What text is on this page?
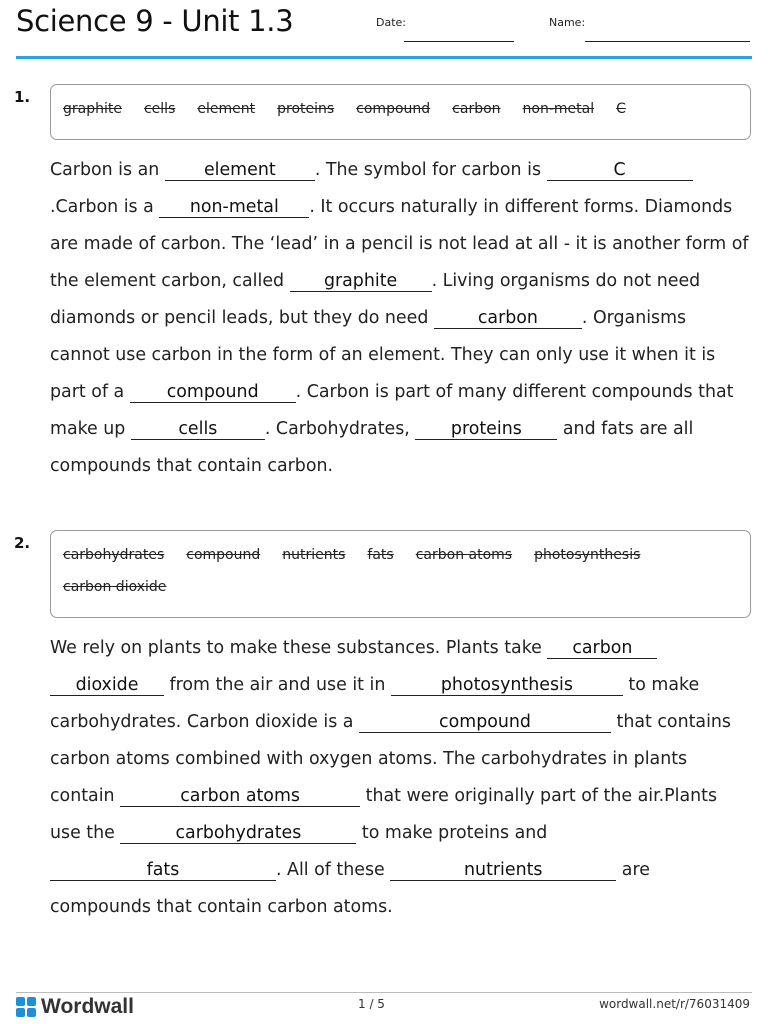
Science 9 - Unit 1.3	Date:	Name:
1.
graphite cells element proteins compound carbon non-metal C
Carbon is an	element . The symbol for carbon is	C.Carbon is a non-metal . It occurs naturally in different forms. Diamonds are made of carbon. The ‘lead’ in a pencil is not lead at all - it is another form of the element carbon, called graphite . Living organisms do not need diamonds or pencil leads, but they do need	carbon	. Organisms cannot use carbon in the form of an element. They can only use it when it is part of a compound . Carbon is part of many different compounds that make up	cells	. Carbohydrates, proteins and fats are all compounds that contain carbon.
2.
carbohydrates compound nutrients fats carbon atoms photosynthesiscarbon dioxide
We rely on plants to make these substances. Plants take carbon dioxide from the air and use it in	photosynthesis	to make carbohydrates. Carbon dioxide is a	compound	that contains carbon atoms combined with oxygen atoms. The carbohydrates in plants contain	carbon atoms	that were originally part of the air.Plants use the	carbohydrates	to make proteins and fats	. All of these	nutrients	are compounds that contain carbon atoms.
Wordwall	1 / 5	wordwall.net/r/76031409
